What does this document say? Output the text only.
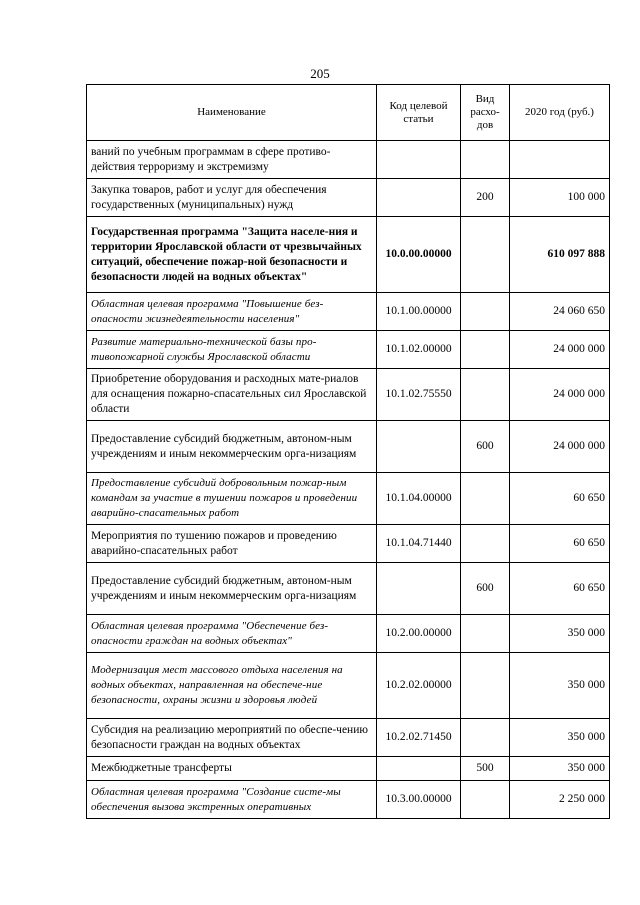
205
Наименование	Код целевой статьи	Вид расхо-дов	2020 год (руб.)
ваний по учебным программам в сфере противо-действия терроризму и экстремизму			
Закупка товаров, работ и услуг для обеспечения государственных (муниципальных) нужд		200	100 000
Государственная программа "Защита населе-ния и территории Ярославской области от чрезвычайных ситуаций, обеспечение пожар-ной безопасности и безопасности людей на водных объектах"	10.0.00.00000		610 097 888
Областная целевая программа "Повышение без-опасности жизнедеятельности населения"	10.1.00.00000		24 060 650
Развитие материально-технической базы про-тивопожарной службы Ярославской области	10.1.02.00000		24 000 000
Приобретение оборудования и расходных мате-риалов для оснащения пожарно-спасательных сил Ярославской области	10.1.02.75550		24 000 000
Предоставление субсидий бюджетным, автоном-ным учреждениям и иным некоммерческим орга-низациям		600	24 000 000
Предоставление субсидий добровольным пожар-ным командам за участие в тушении пожаров и проведении аварийно-спасательных работ	10.1.04.00000		60 650
Мероприятия по тушению пожаров и проведению аварийно-спасательных работ	10.1.04.71440		60 650
Предоставление субсидий бюджетным, автоном-ным учреждениям и иным некоммерческим орга-низациям		600	60 650
Областная целевая программа "Обеспечение без-опасности граждан на водных объектах"	10.2.00.00000		350 000
Модернизация мест массового отдыха населения на водных объектах, направленная на обеспече-ние безопасности, охраны жизни и здоровья людей	10.2.02.00000		350 000
Субсидия на реализацию мероприятий по обеспе-чению безопасности граждан на водных объектах	10.2.02.71450		350 000
Межбюджетные трансферты		500	350 000
Областная целевая программа "Создание систе-мы обеспечения вызова экстренных оперативных	10.3.00.00000		2 250 000
